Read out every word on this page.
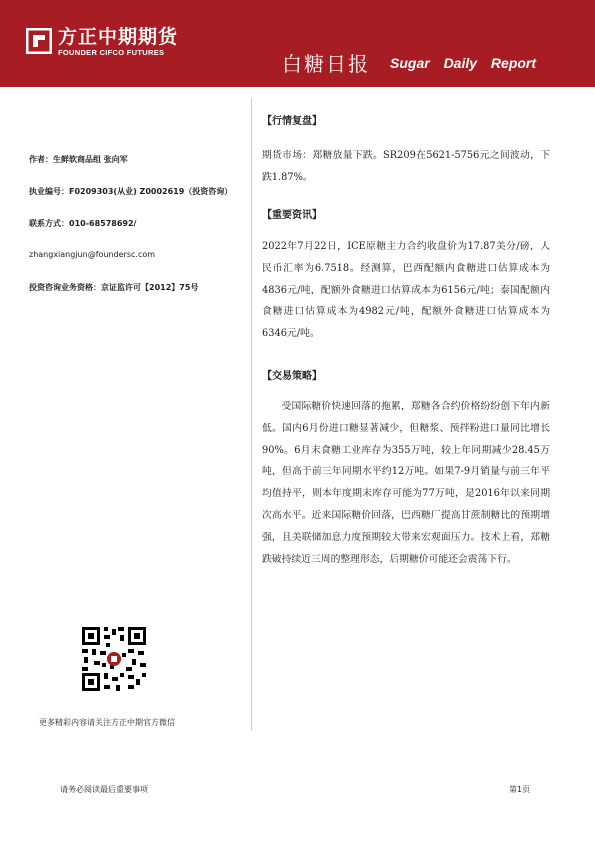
方正中期期货
FOUNDER CIFCO FUTURES	白糖日报 Sugar Daily Report
作者：生鲜软商品组 张向军
执业编号：F0209303(从业) Z0002619（投资咨询）
联系方式：010-68578692/
zhangxiangjun@foundersc.com
投资咨询业务资格：京证监许可【2012】75号
更多精彩内容请关注方正中期官方微信
【行情复盘】
期货市场：郑糖放量下跌。SR209在5621-5756元之间波动，下跌1.87%。
【重要资讯】
2022年7月22日，ICE原糖主力合约收盘价为17.87美分/磅，人民币汇率为6.7518。经测算，巴西配额内食糖进口估算成本为4836元/吨，配额外食糖进口估算成本为6156元/吨；泰国配额内食糖进口估算成本为4982元/吨，配额外食糖进口估算成本为6346元/吨。
【交易策略】
受国际糖价快速回落的拖累，郑糖各合约价格纷纷创下年内新低。国内6月份进口糖显著减少，但糖浆、预拌粉进口量同比增长90%。6月末食糖工业库存为355万吨，较上年同期减少28.45万吨，但高于前三年同期水平约12万吨。如果7-9月销量与前三年平均值持平，则本年度期末库存可能为77万吨，是2016年以来同期次高水平。近来国际糖价回落，巴西糖厂提高甘蔗制糖比的预期增强，且美联储加息力度预期较大带来宏观面压力。技术上看，郑糖跌破持续近三周的整理形态，后期糖价可能还会震荡下行。
请务必阅读最后重要事项	第1页
